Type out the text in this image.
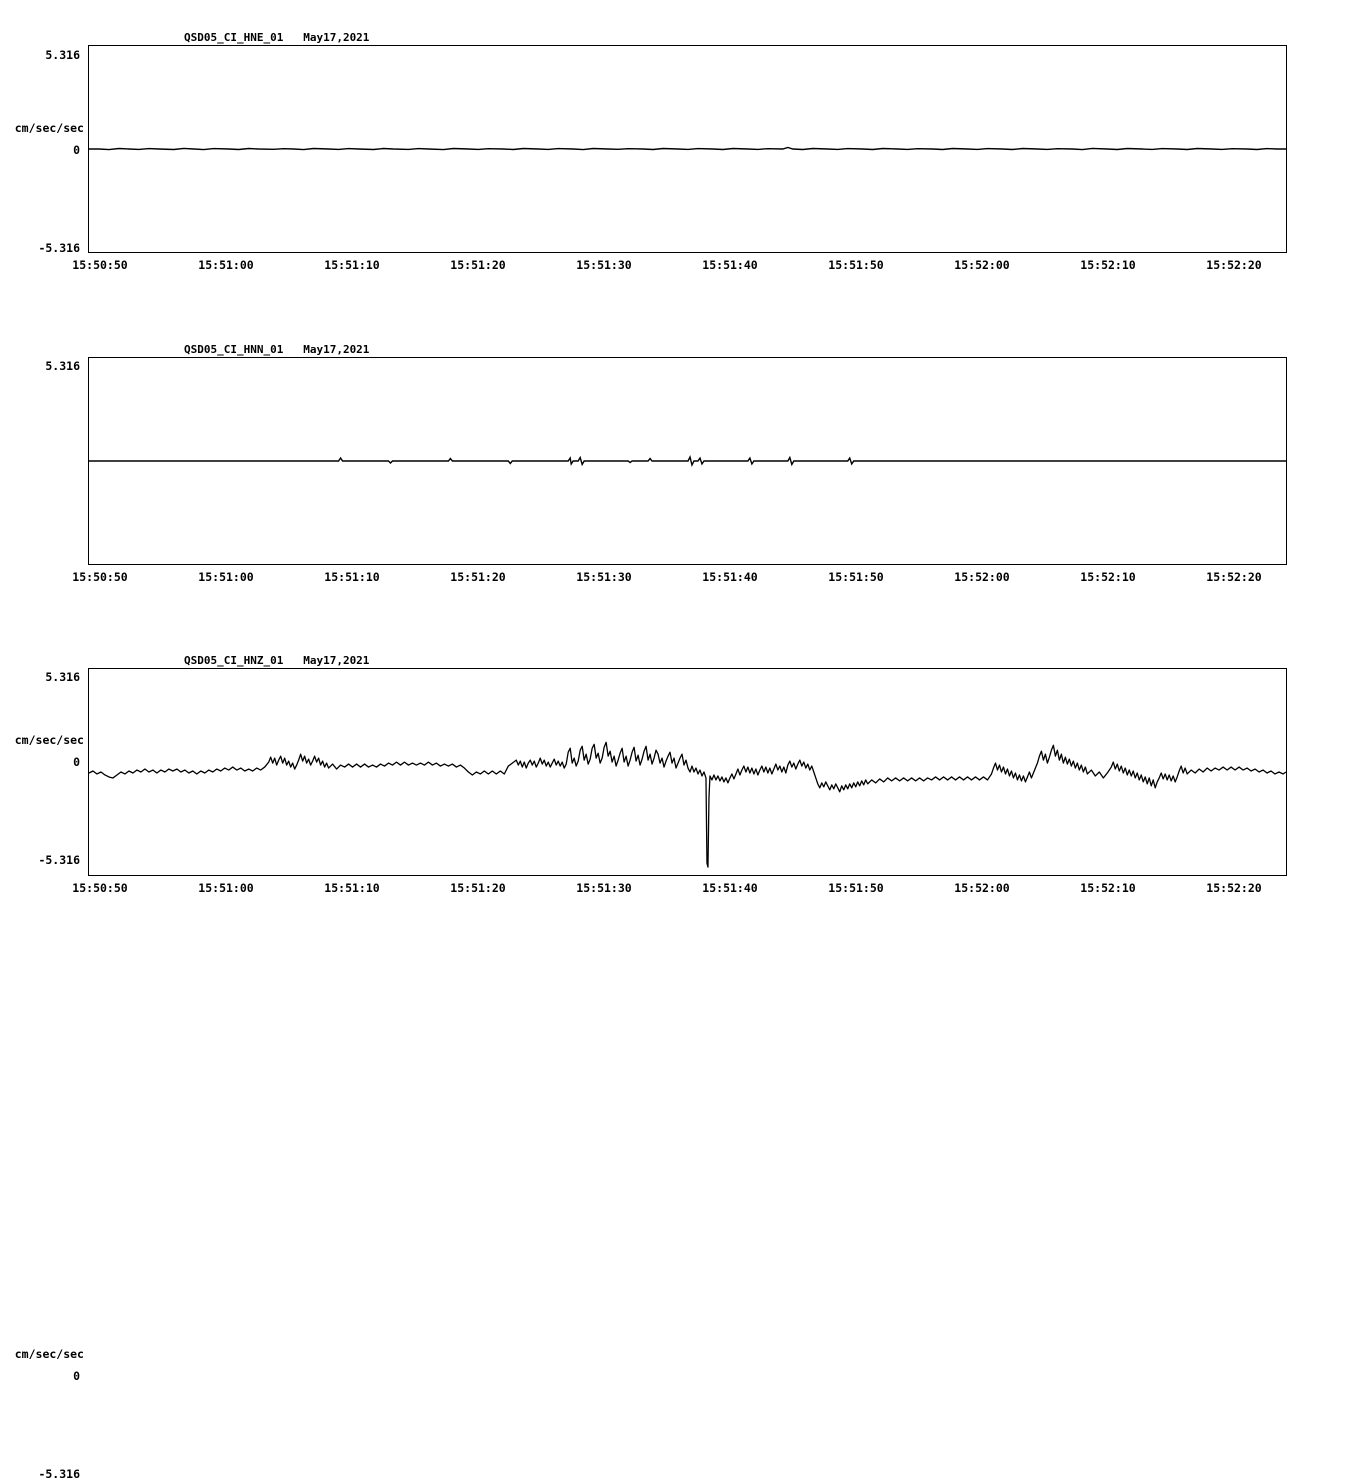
QSD05_CI_HNE_01   May17,2021
5.316
cm/sec/sec
0
-5.316
15:50:50	15:51:00	15:51:10	15:51:20	15:51:30	15:51:40	15:51:50	15:52:00	15:52:10	15:52:20
QSD05_CI_HNN_01   May17,2021
5.316
cm/sec/sec
0
-5.316
15:50:50	15:51:00	15:51:10	15:51:20	15:51:30	15:51:40	15:51:50	15:52:00	15:52:10	15:52:20
QSD05_CI_HNZ_01   May17,2021
5.316
cm/sec/sec
0
-5.316
15:50:50	15:51:00	15:51:10	15:51:20	15:51:30	15:51:40	15:51:50	15:52:00	15:52:10	15:52:20
